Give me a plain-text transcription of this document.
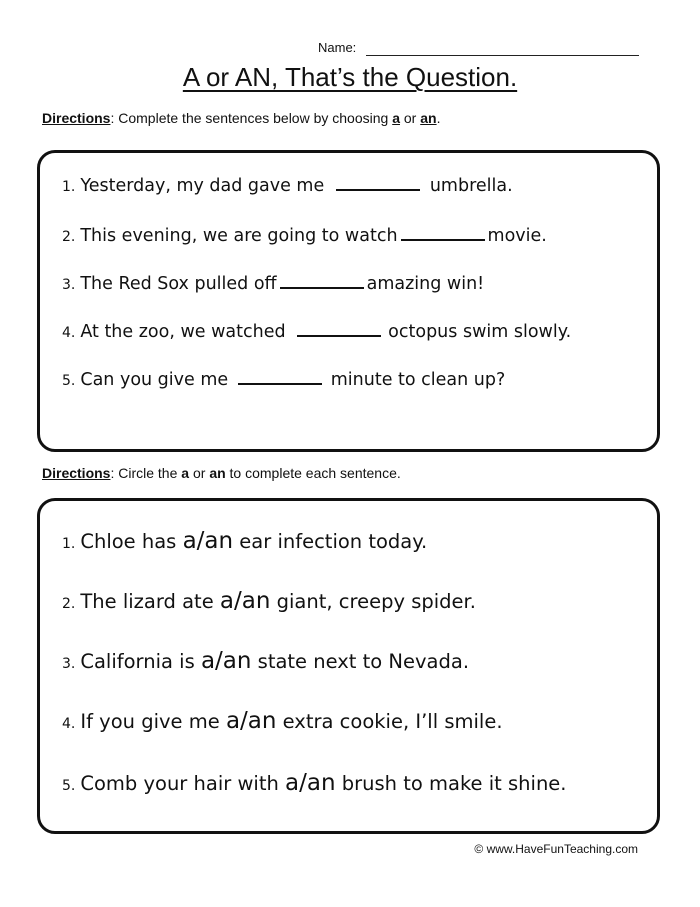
Name:
A or AN, That’s the Question.
Directions: Complete the sentences below by choosing a or an.
1. Yesterday, my dad gave me	umbrella.
2. This evening, we are going to watch	movie.
3. The Red Sox pulled off	amazing win!
4. At the zoo, we watched	octopus swim slowly.
5. Can you give me	minute to clean up?
Directions: Circle the a or an to complete each sentence.
1. Chloe has a/an ear infection today.
2. The lizard ate a/an giant, creepy spider.
3. California is a/an state next to Nevada.
4. If you give me a/an extra cookie, I’ll smile.
5. Comb your hair with a/an brush to make it shine.
© www.HaveFunTeaching.com
